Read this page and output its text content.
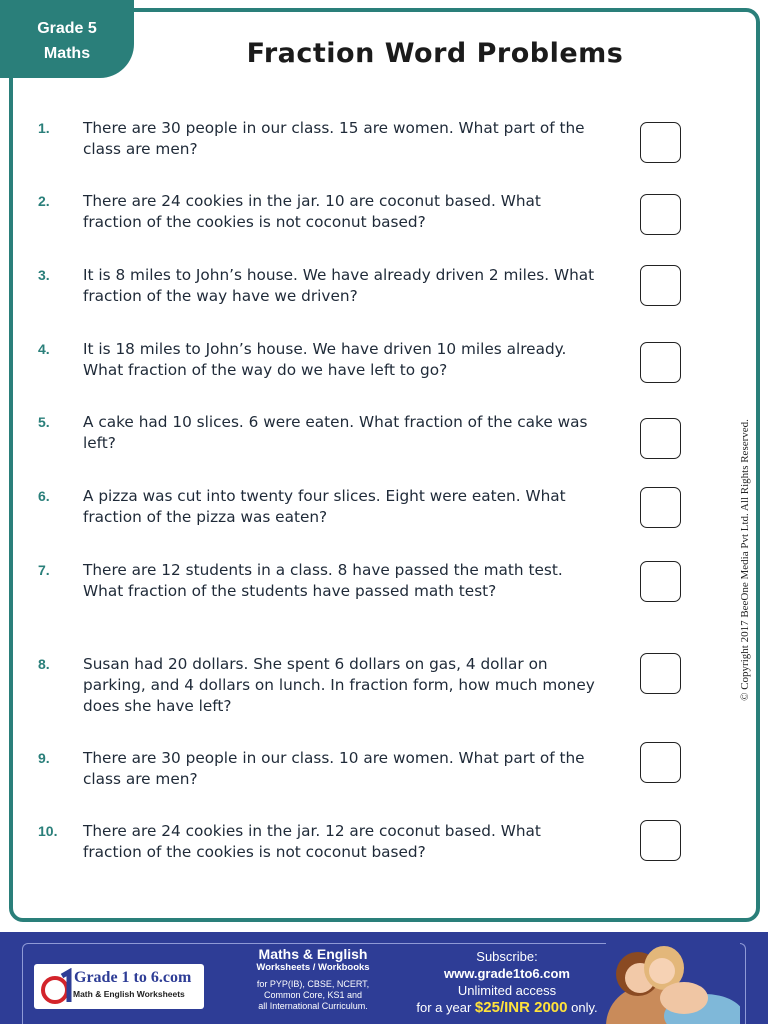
Grade 5
Maths	Fraction Word Problems
1. There are 30 people in our class. 15 are women. What part of the class are men?
2. There are 24 cookies in the jar. 10 are coconut based. What fraction of the cookies is not coconut based?
3. It is 8 miles to John’s house. We have already driven 2 miles. What fraction of the way have we driven?
4. It is 18 miles to John’s house. We have driven 10 miles already. What fraction of the way do we have left to go?
5. A cake had 10 slices. 6 were eaten. What fraction of the cake was left?
6. A pizza was cut into twenty four slices. Eight were eaten. What fraction of the pizza was eaten?
7. There are 12 students in a class. 8 have passed the math test. What fraction of the students have passed math test?
8. Susan had 20 dollars. She spent 6 dollars on gas, 4 dollar on parking, and 4 dollars on lunch. In fraction form, how much money does she have left?
9. There are 30 people in our class. 10 are women. What part of the class are men?
10. There are 24 cookies in the jar. 12 are coconut based. What fraction of the cookies is not coconut based?
© Copyright 2017 BeeOne Media Pvt Ltd. All Rights Reserved.
Grade 1 to 6.com
Math & English Worksheets
Maths & English
Worksheets / Workbooks
for PYP(IB), CBSE, NCERT,
Common Core, KS1 and
all International Curriculum.
Subscribe:
www.grade1to6.com
Unlimited access
for a year $25/INR 2000 only.
